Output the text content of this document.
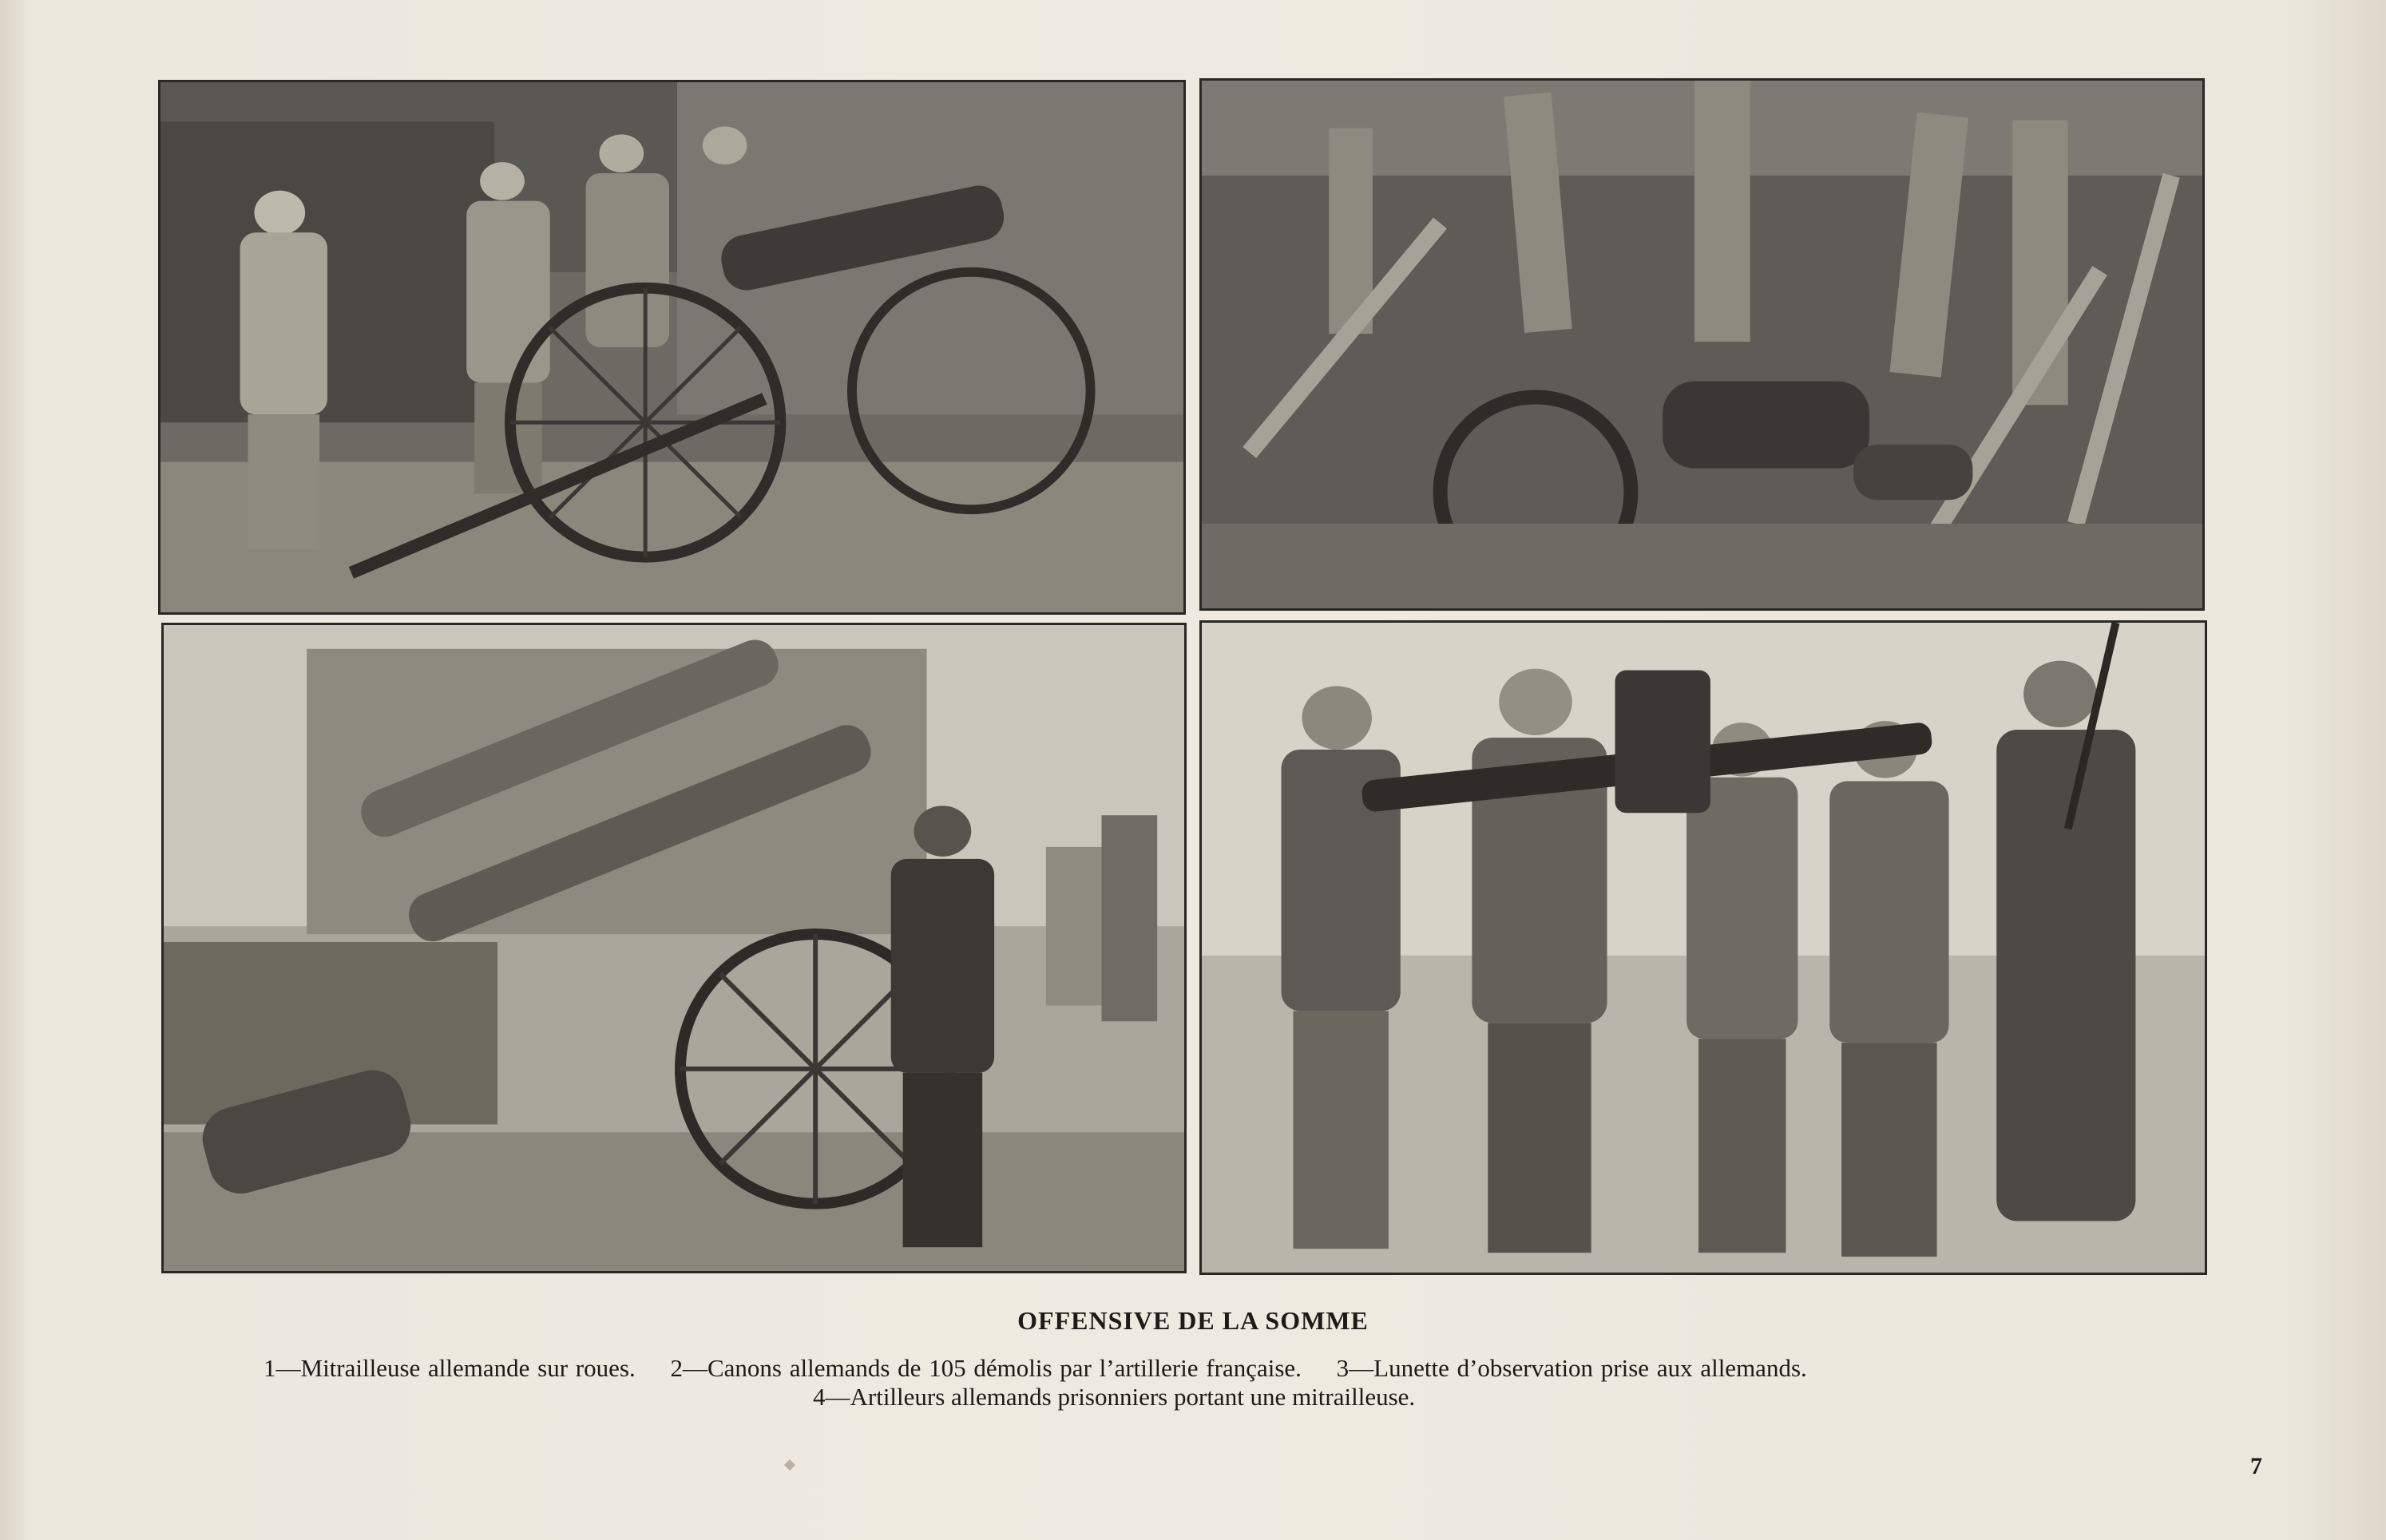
OFFENSIVE DE LA SOMME
1—Mitrailleuse allemande sur roues. 2—Canons allemands de 105 démolis par l’artillerie française. 3—Lunette d’observation prise aux allemands.
4—Artilleurs allemands prisonniers portant une mitrailleuse.
7
